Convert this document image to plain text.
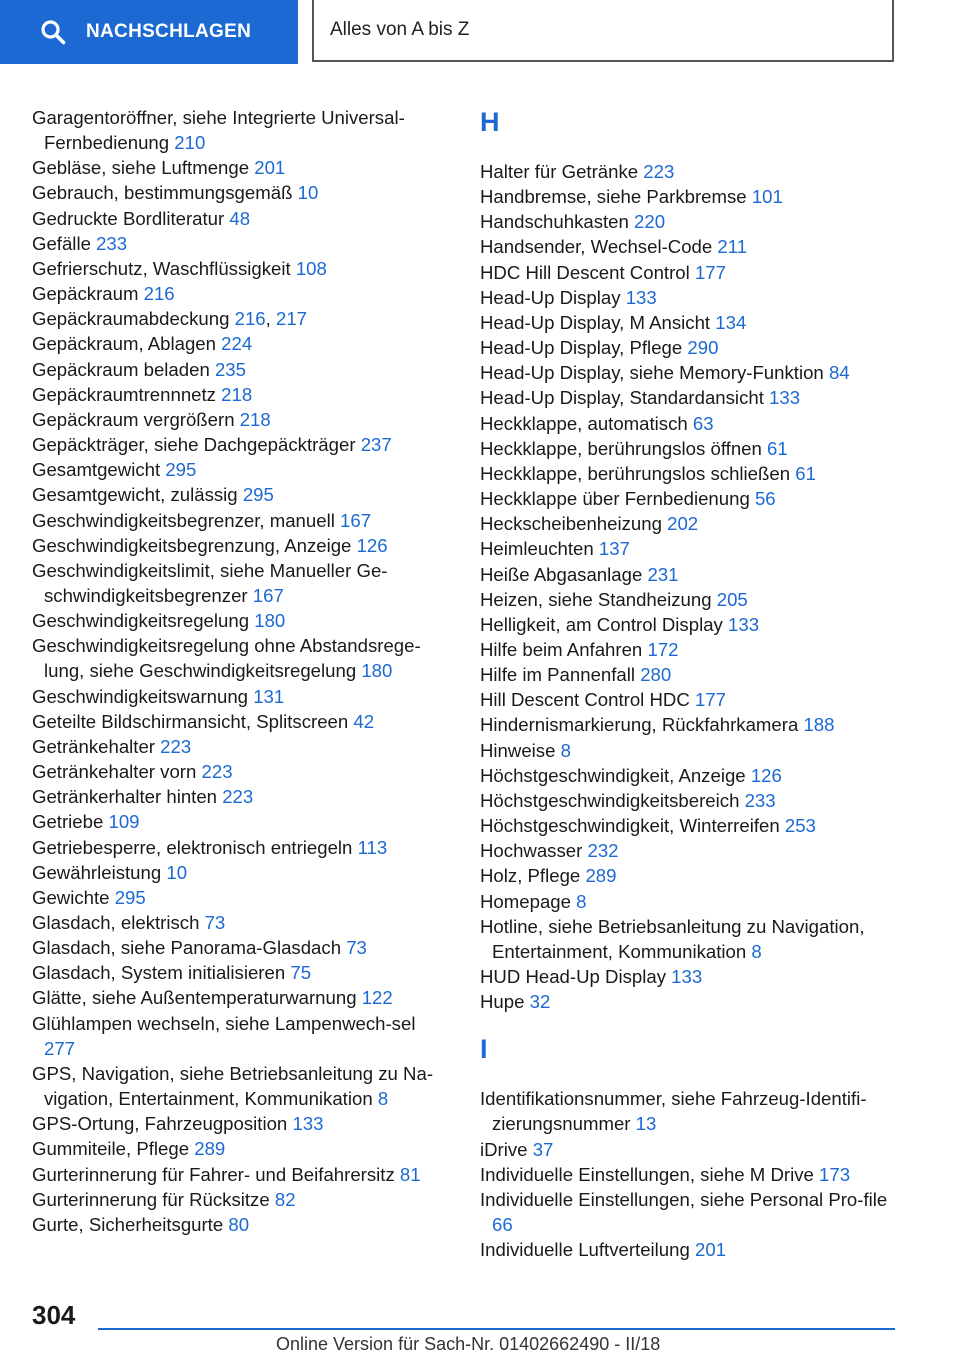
NACHSCHLAGEN	Alles von A bis Z
Garagentoröffner, siehe Integrierte Universal-Fernbedienung 210
Gebläse, siehe Luftmenge 201
Gebrauch, bestimmungsgemäß 10
Gedruckte Bordliteratur 48
Gefälle 233
Gefrierschutz, Waschflüssigkeit 108
Gepäckraum 216
Gepäckraumabdeckung 216, 217
Gepäckraum, Ablagen 224
Gepäckraum beladen 235
Gepäckraumtrennnetz 218
Gepäckraum vergrößern 218
Gepäckträger, siehe Dachgepäckträger 237
Gesamtgewicht 295
Gesamtgewicht, zulässig 295
Geschwindigkeitsbegrenzer, manuell 167
Geschwindigkeitsbegrenzung, Anzeige 126
Geschwindigkeitslimit, siehe Manueller Ge-schwindigkeitsbegrenzer 167
Geschwindigkeitsregelung 180
Geschwindigkeitsregelung ohne Abstandsrege-lung, siehe Geschwindigkeitsregelung 180
Geschwindigkeitswarnung 131
Geteilte Bildschirmansicht, Splitscreen 42
Getränkehalter 223
Getränkehalter vorn 223
Getränkerhalter hinten 223
Getriebe 109
Getriebesperre, elektronisch entriegeln 113
Gewährleistung 10
Gewichte 295
Glasdach, elektrisch 73
Glasdach, siehe Panorama-Glasdach 73
Glasdach, System initialisieren 75
Glätte, siehe Außentemperaturwarnung 122
Glühlampen wechseln, siehe Lampenwech-sel 277
GPS, Navigation, siehe Betriebsanleitung zu Na-vigation, Entertainment, Kommunikation 8
GPS-Ortung, Fahrzeugposition 133
Gummiteile, Pflege 289
Gurterinnerung für Fahrer- und Beifahrersitz 81
Gurterinnerung für Rücksitze 82
Gurte, Sicherheitsgurte 80
H
Halter für Getränke 223
Handbremse, siehe Parkbremse 101
Handschuhkasten 220
Handsender, Wechsel-Code 211
HDC Hill Descent Control 177
Head-Up Display 133
Head-Up Display, M Ansicht 134
Head-Up Display, Pflege 290
Head-Up Display, siehe Memory-Funktion 84
Head-Up Display, Standardansicht 133
Heckklappe, automatisch 63
Heckklappe, berührungslos öffnen 61
Heckklappe, berührungslos schließen 61
Heckklappe über Fernbedienung 56
Heckscheibenheizung 202
Heimleuchten 137
Heiße Abgasanlage 231
Heizen, siehe Standheizung 205
Helligkeit, am Control Display 133
Hilfe beim Anfahren 172
Hilfe im Pannenfall 280
Hill Descent Control HDC 177
Hindernismarkierung, Rückfahrkamera 188
Hinweise 8
Höchstgeschwindigkeit, Anzeige 126
Höchstgeschwindigkeitsbereich 233
Höchstgeschwindigkeit, Winterreifen 253
Hochwasser 232
Holz, Pflege 289
Homepage 8
Hotline, siehe Betriebsanleitung zu Navigation, Entertainment, Kommunikation 8
HUD Head-Up Display 133
Hupe 32
I
Identifikationsnummer, siehe Fahrzeug-Identifi-zierungsnummer 13
iDrive 37
Individuelle Einstellungen, siehe M Drive 173
Individuelle Einstellungen, siehe Personal Pro-file 66
Individuelle Luftverteilung 201
304
Online Version für Sach-Nr. 01402662490 - II/18
